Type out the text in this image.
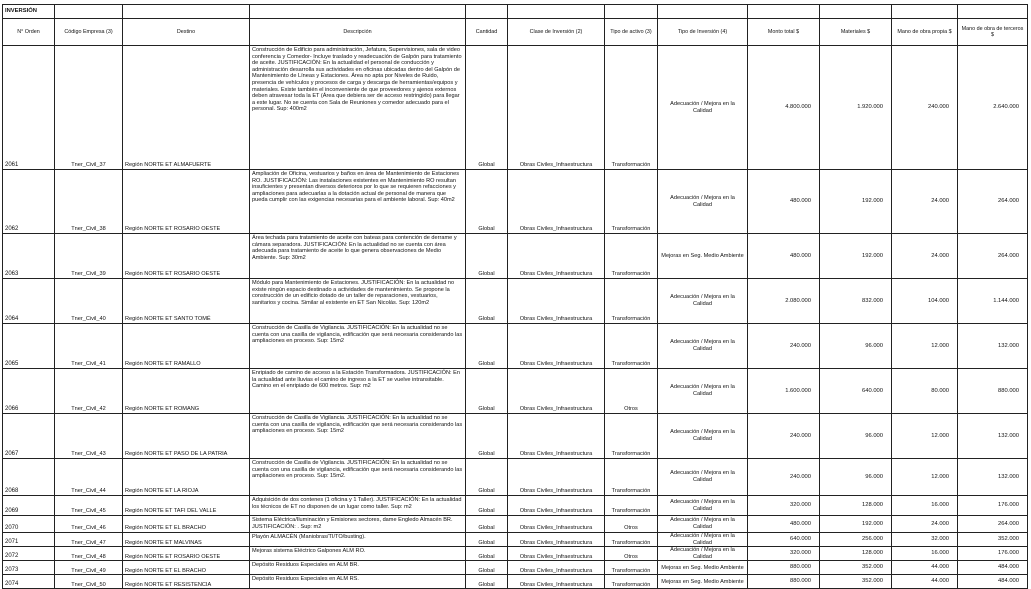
INVERSIÓN											
N° Orden	Código Empresa (3)	Destino	Descripción	Cantidad	Clase de Inversión (2)	Tipo de activo (3)	Tipo de Inversión (4)	Monto total $	Materiales $	Mano de obra propia $	Mano de obra de terceros $
2061	Tner_Civil_37	Región NORTE ET ALMAFUERTE	Construcción de Edificio para administración, Jefatura, Supervisiones, sala de video conferencia y Comedor- Incluye traslado y readecuación de Galpón para tratamiento de aceite. JUSTIFICACIÓN: En la actualidad el personal de conducción y administración desarrolla sus actividades en oficinas ubicadas dentro del Galpón de Mantenimiento de Líneas y Estaciones. Área no apta por Niveles de Ruido, presencia de vehículos y procesos de carga y descarga de herramientas/equipos y materiales. Existe también el inconveniente de que proveedores y ajenos externos deben atravesar toda la ET (Área que debiera ser de acceso restringido) para llegar a este lugar. No se cuenta con Sala de Reuniones y comedor adecuado para el personal. Sup: 400m2	Global	Obras Civiles_Infraestructura	Transformación	Adecuación / Mejora en la Calidad	4.800.000	1.920.000	240.000	2.640.000
2062	Tner_Civil_38	Región NORTE ET ROSARIO OESTE	Ampliación de Oficina, vestuarios y baños en área de Mantenimiento de Estaciones RO. JUSTIFICACIÓN: Las instalaciones existentes en Mantenimiento RO resultan insuficientes y presentan diversos deterioros por lo que se requieren refacciones y ampliaciones para adecuarlas a la dotación actual de personal de manera que pueda cumplir con las exigencias necesarias para el ambiente laboral. Sup: 40m2	Global	Obras Civiles_Infraestructura	Transformación	Adecuación / Mejora en la Calidad	480.000	192.000	24.000	264.000
2063	Tner_Civil_39	Región NORTE ET ROSARIO OESTE	Área techada para tratamiento de aceite con bateas para contención de derrame y cámara separadora. JUSTIFICACIÓN: En la actualidad no se cuenta con área adecuada para tratamiento de aceite lo que genera observaciones de Medio Ambiente. Sup: 30m2	Global	Obras Civiles_Infraestructura	Transformación	Mejoras en Seg. Medio Ambiente	480.000	192.000	24.000	264.000
2064	Tner_Civil_40	Región NORTE ET SANTO TOMÉ	Módulo para Mantenimiento de Estaciones. JUSTIFICACIÓN: En la actualidad no existe ningún espacio destinado a actividades de mantenimiento. Se propone la construcción de un edificio dotado de un taller de reparaciones, vestuarios, sanitarios y cocina. Similar al existente en ET San Nicolás. Sup: 120m2	Global	Obras Civiles_Infraestructura	Transformación	Adecuación / Mejora en la Calidad	2.080.000	832.000	104.000	1.144.000
2065	Tner_Civil_41	Región NORTE ET RAMALLO	Construcción de Casilla de Vigilancia. JUSTIFICACIÓN: En la actualidad no se cuenta con una casilla de vigilancia, edificación que será necesaria considerando las ampliaciones en proceso. Sup: 15m2	Global	Obras Civiles_Infraestructura	Transformación	Adecuación / Mejora en la Calidad	240.000	96.000	12.000	132.000
2066	Tner_Civil_42	Región NORTE ET ROMANG	Enripiado de camino de acceso a la Estación Transformadora. JUSTIFICACIÓN: En la actualidad ante lluvias el camino de ingreso a la ET se vuelve intransitable. Camino en el enripiado de 600 metros. Sup: m2	Global	Obras Civiles_Infraestructura	Otros	Adecuación / Mejora en la Calidad	1.600.000	640.000	80.000	880.000
2067	Tner_Civil_43	Región NORTE ET PASO DE LA PATRIA	Construcción de Casilla de Vigilancia. JUSTIFICACIÓN: En la actualidad no se cuenta con una casilla de vigilancia, edificación que será necesaria considerando las ampliaciones en proceso. Sup: 15m2	Global	Obras Civiles_Infraestructura	Transformación	Adecuación / Mejora en la Calidad	240.000	96.000	12.000	132.000
2068	Tner_Civil_44	Región NORTE ET LA RIOJA	Construcción de Casilla de Vigilancia. JUSTIFICACIÓN: En la actualidad no se cuenta con una casilla de vigilancia, edificación que será necesaria considerando las ampliaciones en proceso. Sup: 15m2.	Global	Obras Civiles_Infraestructura	Transformación	Adecuación / Mejora en la Calidad	240.000	96.000	12.000	132.000
2069	Tner_Civil_45	Región NORTE ET TAFI DEL VALLE	Adquisición de dos contenes (1 oficina y 1 Taller). JUSTIFICACIÓN: En la actualidad los técnicos de ET no disponen de un lugar como taller. Sup: m2	Global	Obras Civiles_Infraestructura	Transformación	Adecuación / Mejora en la Calidad	320.000	128.000	16.000	176.000
2070	Tner_Civil_46	Región NORTE ET EL BRACHO	Sistema Eléctrica/Iluminación y Emisiones sectores, dame Engledo Almacén BR. JUSTIFICACIÓN: . Sup: m2	Global	Obras Civiles_Infraestructura	Otros	Adecuación / Mejora en la Calidad	480.000	192.000	24.000	264.000
2071	Tner_Civil_47	Región NORTE ET MALVINAS	Playón ALMACÉN (Maniobras/TI/TO/busting).	Global	Obras Civiles_Infraestructura	Transformación	Adecuación / Mejora en la Calidad	640.000	256.000	32.000	352.000
2072	Tner_Civil_48	Región NORTE ET ROSARIO OESTE	Mejoras sistema Eléctrico Galpones ALM RO.	Global	Obras Civiles_Infraestructura	Otros	Adecuación / Mejora en la Calidad	320.000	128.000	16.000	176.000
2073	Tner_Civil_49	Región NORTE ET EL BRACHO	Depósito Residuos Especiales en ALM BR.	Global	Obras Civiles_Infraestructura	Transformación	Mejoras en Seg. Medio Ambiente	880.000	352.000	44.000	484.000
2074	Tner_Civil_50	Región NORTE ET RESISTENCIA	Depósito Residuos Especiales en ALM RS.	Global	Obras Civiles_Infraestructura	Transformación	Mejoras en Seg. Medio Ambiente	880.000	352.000	44.000	484.000
